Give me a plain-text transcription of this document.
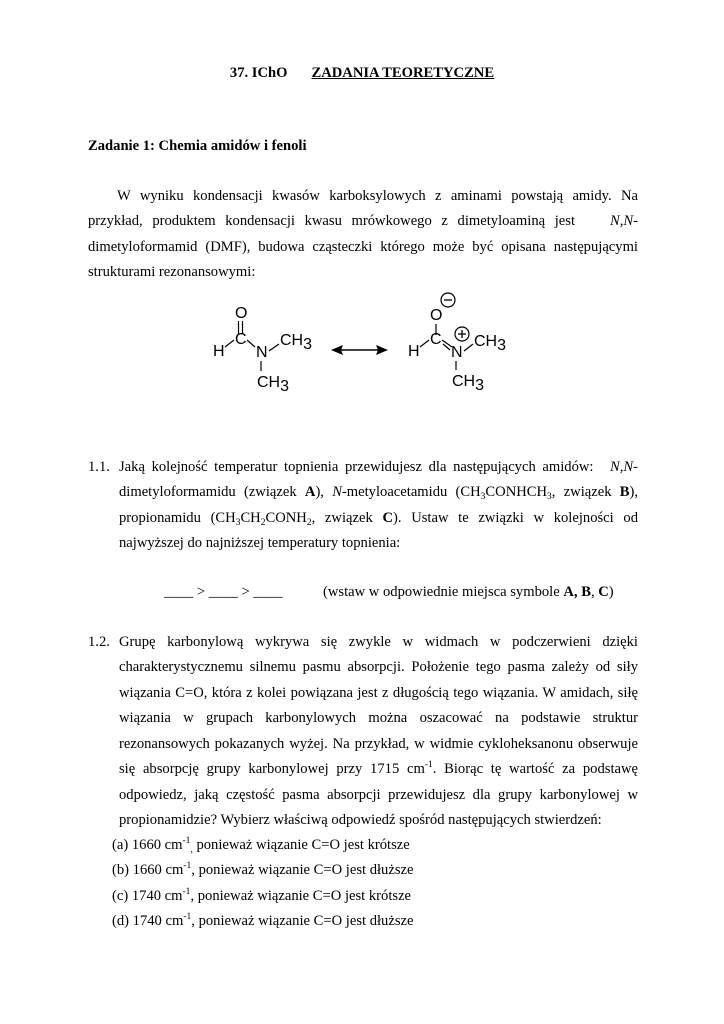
37. IChO ZADANIA TEORETYCZNE
Zadanie 1: Chemia amidów i fenoli
W wyniku kondensacji kwasów karboksylowych z aminami powstają amidy. Na
przykład, produktem kondensacji kwasu mrówkowego z dimetyloaminą jest N,N-
dimetyloformamid (DMF), budowa cząsteczki którego może być opisana następującymi
strukturami rezonansowymi:
O
C
H N
CH3
CH3
O
C
H N
CH3
CH3
1.1. Jaką kolejność temperatur topnienia przewidujesz dla następujących amidów: N,N-
dimetyloformamidu (związek A), N-metyloacetamidu ($CH_3CONHCH_3$, związek B),
propionamidu ($CH_3CH_2CONH_2$, związek C). Ustaw te związki w kolejności od
najwyższej do najniższej temperatury topnienia:
____ > ____ > ____	(wstaw w odpowiednie miejsca symbole A, B, C)
1.2. Grupę karbonylową wykrywa się zwykle w widmach w podczerwieni dzięki
charakterystycznemu silnemu pasmu absorpcji. Położenie tego pasma zależy od siły
wiązania C=O, która z kolei powiązana jest z długością tego wiązania. W amidach, siłę
wiązania w grupach karbonylowych można oszacować na podstawie struktur
rezonansowych pokazanych wyżej. Na przykład, w widmie cykloheksanonu obserwuje
się absorpcję grupy karbonylowej przy 1715 $cm^{-1}$. Biorąc tę wartość za podstawę
odpowiedz, jaką częstość pasma absorpcji przewidujesz dla grupy karbonylowej w
propionamidzie? Wybierz właściwą odpowiedź spośród następujących stwierdzeń:
(a) 1660 $cm^{-1}_,$ ponieważ wiązanie C=O jest krótsze
(b) 1660 $cm^{-1}$, ponieważ wiązanie C=O jest dłuższe
(c) 1740 $cm^{-1}$, ponieważ wiązanie C=O jest krótsze
(d) 1740 $cm^{-1}$, ponieważ wiązanie C=O jest dłuższe
